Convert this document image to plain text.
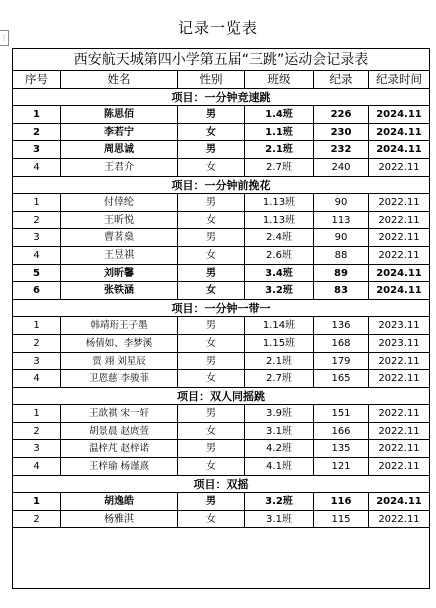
记录一览表
⋮
西安航天城第四小学第五届“三跳”运动会记录表
序号	姓名	性别	班级	纪录	纪录时间
项目：一分钟竞速跳
1	陈思佰	男	1.4班	226	2024.11
2	李若宁	女	1.1班	230	2024.11
3	周思诚	男	2.1班	232	2024.11
4	王君介	女	2.7班	240	2022.11
项目：一分钟前挽花
1	付倖纶	男	1.13班	90	2022.11
2	王昕悦	女	1.13班	113	2022.11
3	曹茗燊	男	2.4班	90	2022.11
4	王昱祺	女	2.6班	88	2022.11
5	刘昕馨	男	3.4班	89	2024.11
6	张铁涵	女	3.2班	83	2024.11
项目：一分钟一带一
1	韩靖珩王子墨	男	1.14班	136	2023.11
2	杨倩如、李梦溪	女	1.15班	168	2023.11
3	贾 翊 刘星辰	男	2.1班	179	2022.11
4	卫恩慈 李骏菲	女	2.7班	165	2022.11
项目：双人同摇跳
1	王歆祺 宋一轩	男	3.9班	151	2022.11
2	胡景晨 赵庹萱	女	3.1班	166	2022.11
3	温梓芃 赵梓诺	男	4.2班	135	2022.11
4	王梓瑜 杨谨熹	女	4.1班	121	2022.11
项目：双摇
1	胡逸皓	男	3.2班	116	2024.11
2	杨雅淇	女	3.1班	115	2022.11
